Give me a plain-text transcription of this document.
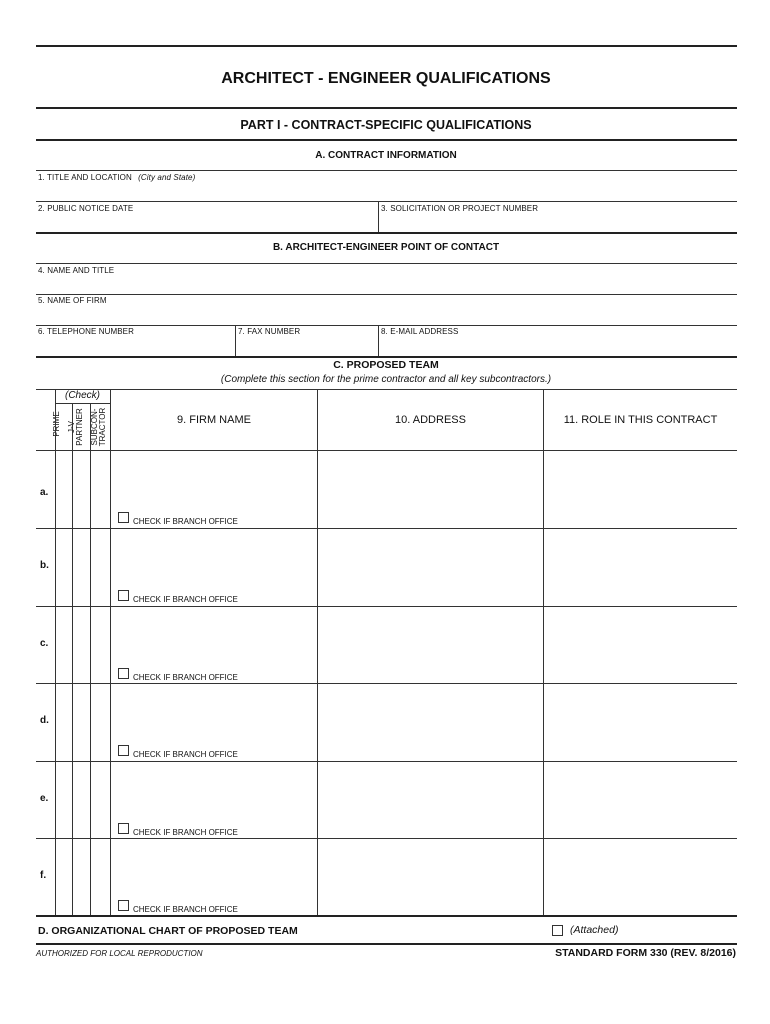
ARCHITECT - ENGINEER QUALIFICATIONS
PART I - CONTRACT-SPECIFIC QUALIFICATIONS
A. CONTRACT INFORMATION
1. TITLE AND LOCATION (City and State)
2. PUBLIC NOTICE DATE	3. SOLICITATION OR PROJECT NUMBER
B. ARCHITECT-ENGINEER POINT OF CONTACT
4. NAME AND TITLE
5. NAME OF FIRM
6. TELEPHONE NUMBER	7. FAX NUMBER	8. E-MAIL ADDRESS
C. PROPOSED TEAM
(Complete this section for the prime contractor and all key subcontractors.)
(Check)
PRIME J-V PARTNER SUBCON- TRACTOR	9. FIRM NAME	10. ADDRESS	11. ROLE IN THIS CONTRACT
a.
CHECK IF BRANCH OFFICE
b.
CHECK IF BRANCH OFFICE
c.
CHECK IF BRANCH OFFICE
d.
CHECK IF BRANCH OFFICE
e.
CHECK IF BRANCH OFFICE
f.
CHECK IF BRANCH OFFICE
D. ORGANIZATIONAL CHART OF PROPOSED TEAM	(Attached)
AUTHORIZED FOR LOCAL REPRODUCTION	STANDARD FORM 330 (REV. 8/2016)
